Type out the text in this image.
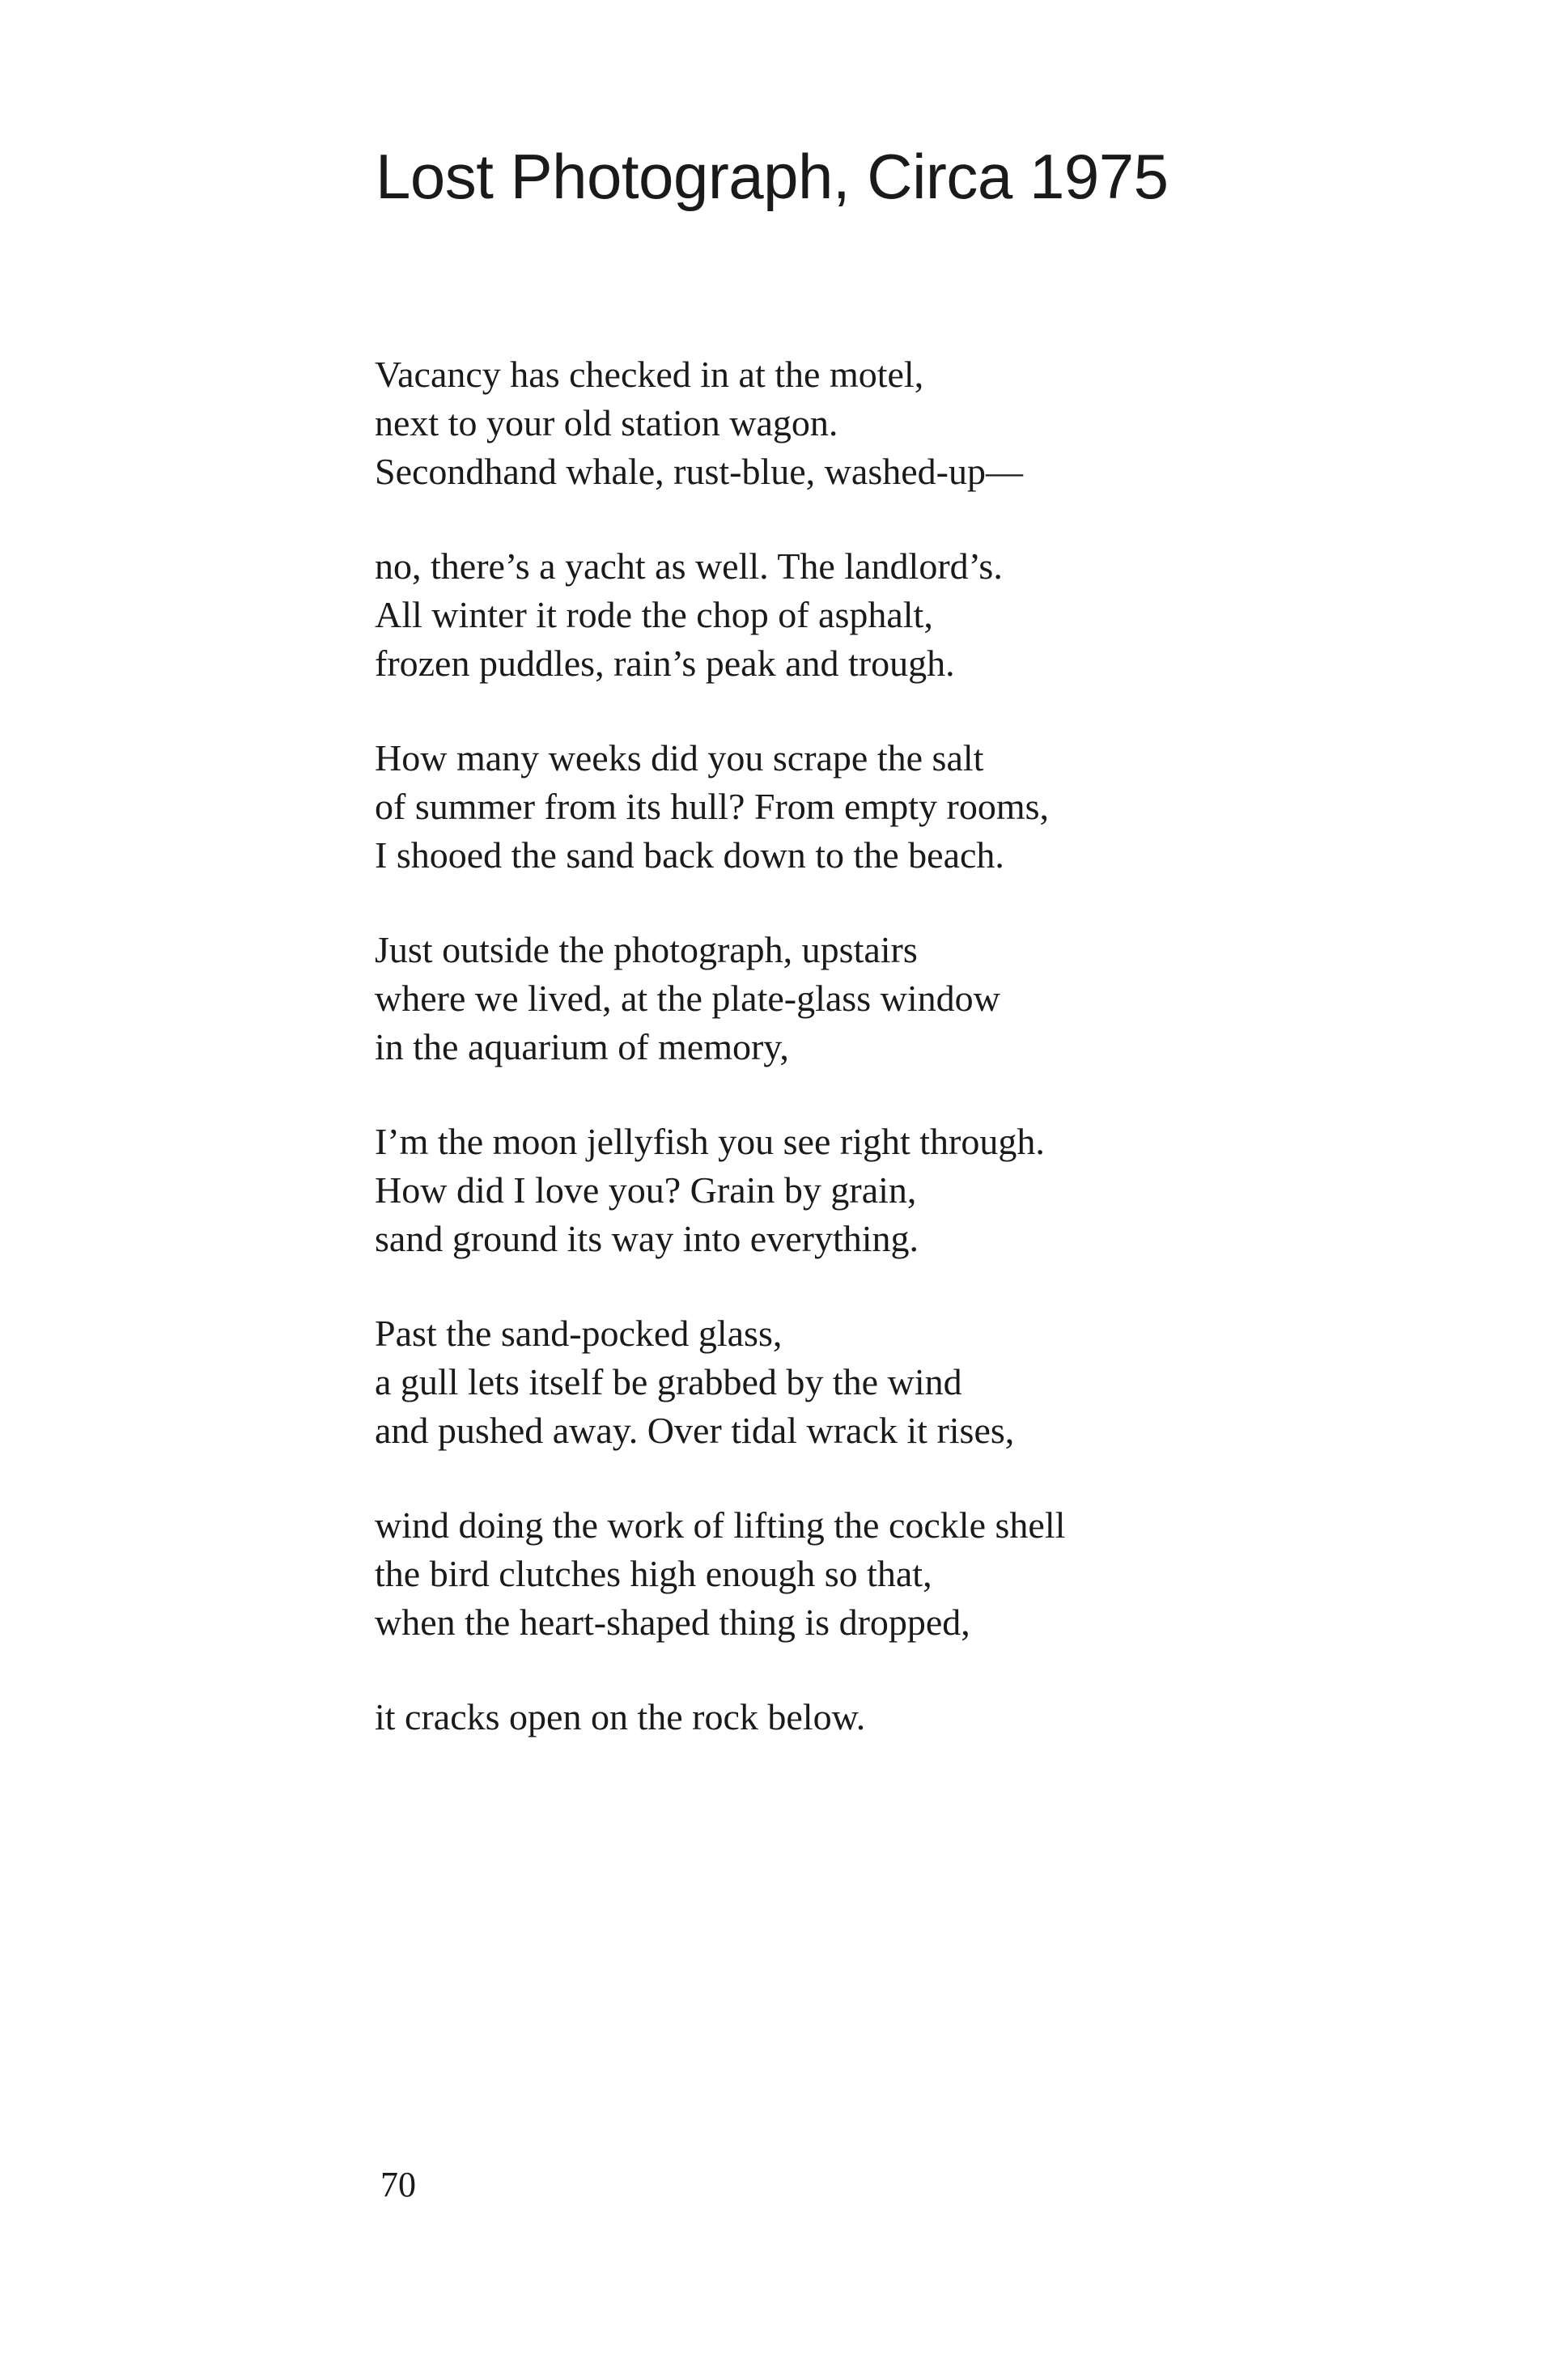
Lost Photograph, Circa 1975

Vacancy has checked in at the motel,
next to your old station wagon.
Secondhand whale, rust-blue, washed-up—

no, there’s a yacht as well. The landlord’s.
All winter it rode the chop of asphalt,
frozen puddles, rain’s peak and trough.

How many weeks did you scrape the salt
of summer from its hull? From empty rooms,
I shooed the sand back down to the beach.

Just outside the photograph, upstairs
where we lived, at the plate-glass window
in the aquarium of memory,

I’m the moon jellyfish you see right through.
How did I love you? Grain by grain,
sand ground its way into everything.

Past the sand-pocked glass,
a gull lets itself be grabbed by the wind
and pushed away. Over tidal wrack it rises,

wind doing the work of lifting the cockle shell
the bird clutches high enough so that,
when the heart-shaped thing is dropped,

it cracks open on the rock below.

70
